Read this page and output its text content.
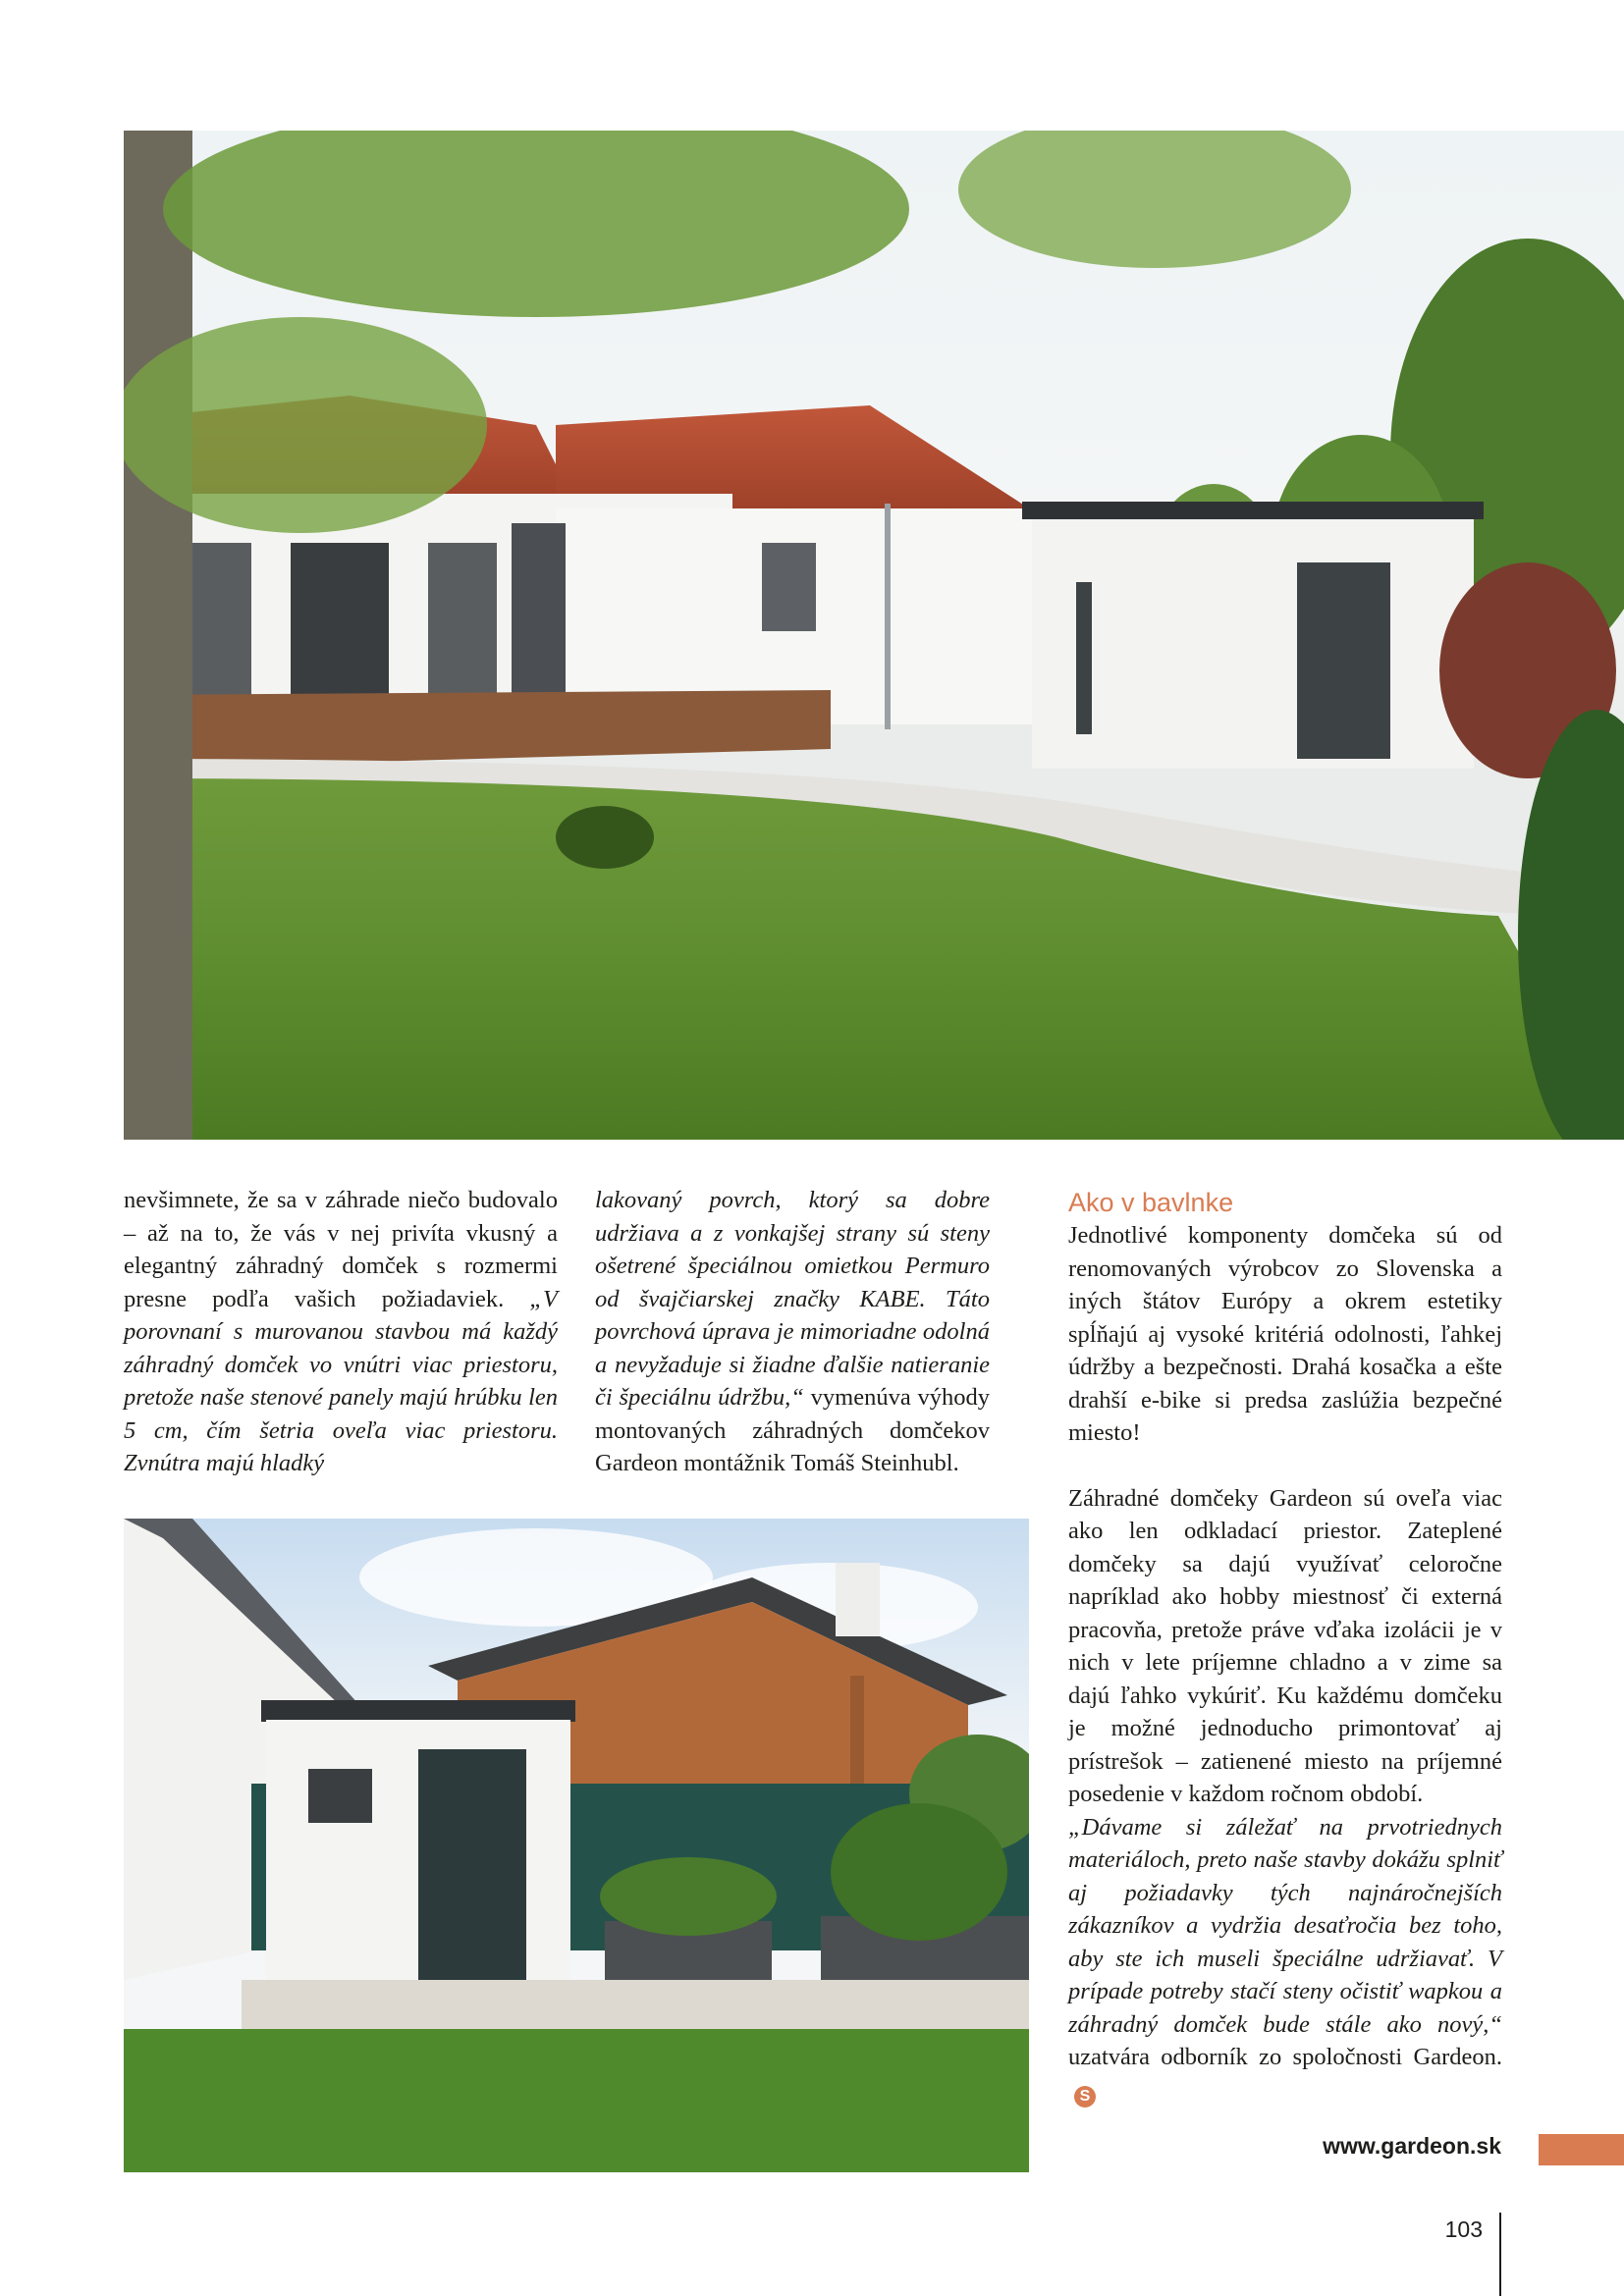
nevšimnete, že sa v záhrade niečo budovalo – až na to, že vás v nej privíta vkusný a elegantný záhradný domček s rozmermi presne podľa vašich požiadaviek. „V porovnaní s murovanou stavbou má každý záhradný domček vo vnútri viac priestoru, pretože naše stenové panely majú hrúbku len 5 cm, čím šetria oveľa viac priestoru. Zvnútra majú hladký

lakovaný povrch, ktorý sa dobre udržiava a z vonkajšej strany sú steny ošetrené špeciálnou omietkou Permuro od švajčiarskej značky KABE. Táto povrchová úprava je mimoriadne odolná a nevyžaduje si žiadne ďalšie natieranie či špeciálnu údržbu,“ vymenúva výhody montovaných záhradných domčekov Gardeon montážnik Tomáš Steinhubl.

Ako v bavlnke

Jednotlivé komponenty domčeka sú od renomovaných výrobcov zo Slovenska a iných štátov Európy a okrem estetiky spĺňajú aj vysoké kritériá odolnosti, ľahkej údržby a bezpečnosti. Drahá kosačka a ešte drahší e-bike si predsa zaslúžia bezpečné miesto!

Záhradné domčeky Gardeon sú oveľa viac ako len odkladací priestor. Zateplené domčeky sa dajú využívať celoročne napríklad ako hobby miestnosť či externá pracovňa, pretože práve vďaka izolácii je v nich v lete príjemne chladno a v zime sa dajú ľahko vykúriť. Ku každému domčeku je možné jednoducho primontovať aj prístrešok – zatienené miesto na príjemné posedenie v každom ročnom období.

„Dávame si záležať na prvotriednych materiáloch, preto naše stavby dokážu splniť aj požiadavky tých najnáročnejších zákazníkov a vydržia desaťročia bez toho, aby ste ich museli špeciálne udržiavať. V prípade potreby stačí steny očistiť wapkou a záhradný domček bude stále ako nový,“ uzatvára odborník zo spoločnosti Gardeon.S

www.gardeon.sk
103
